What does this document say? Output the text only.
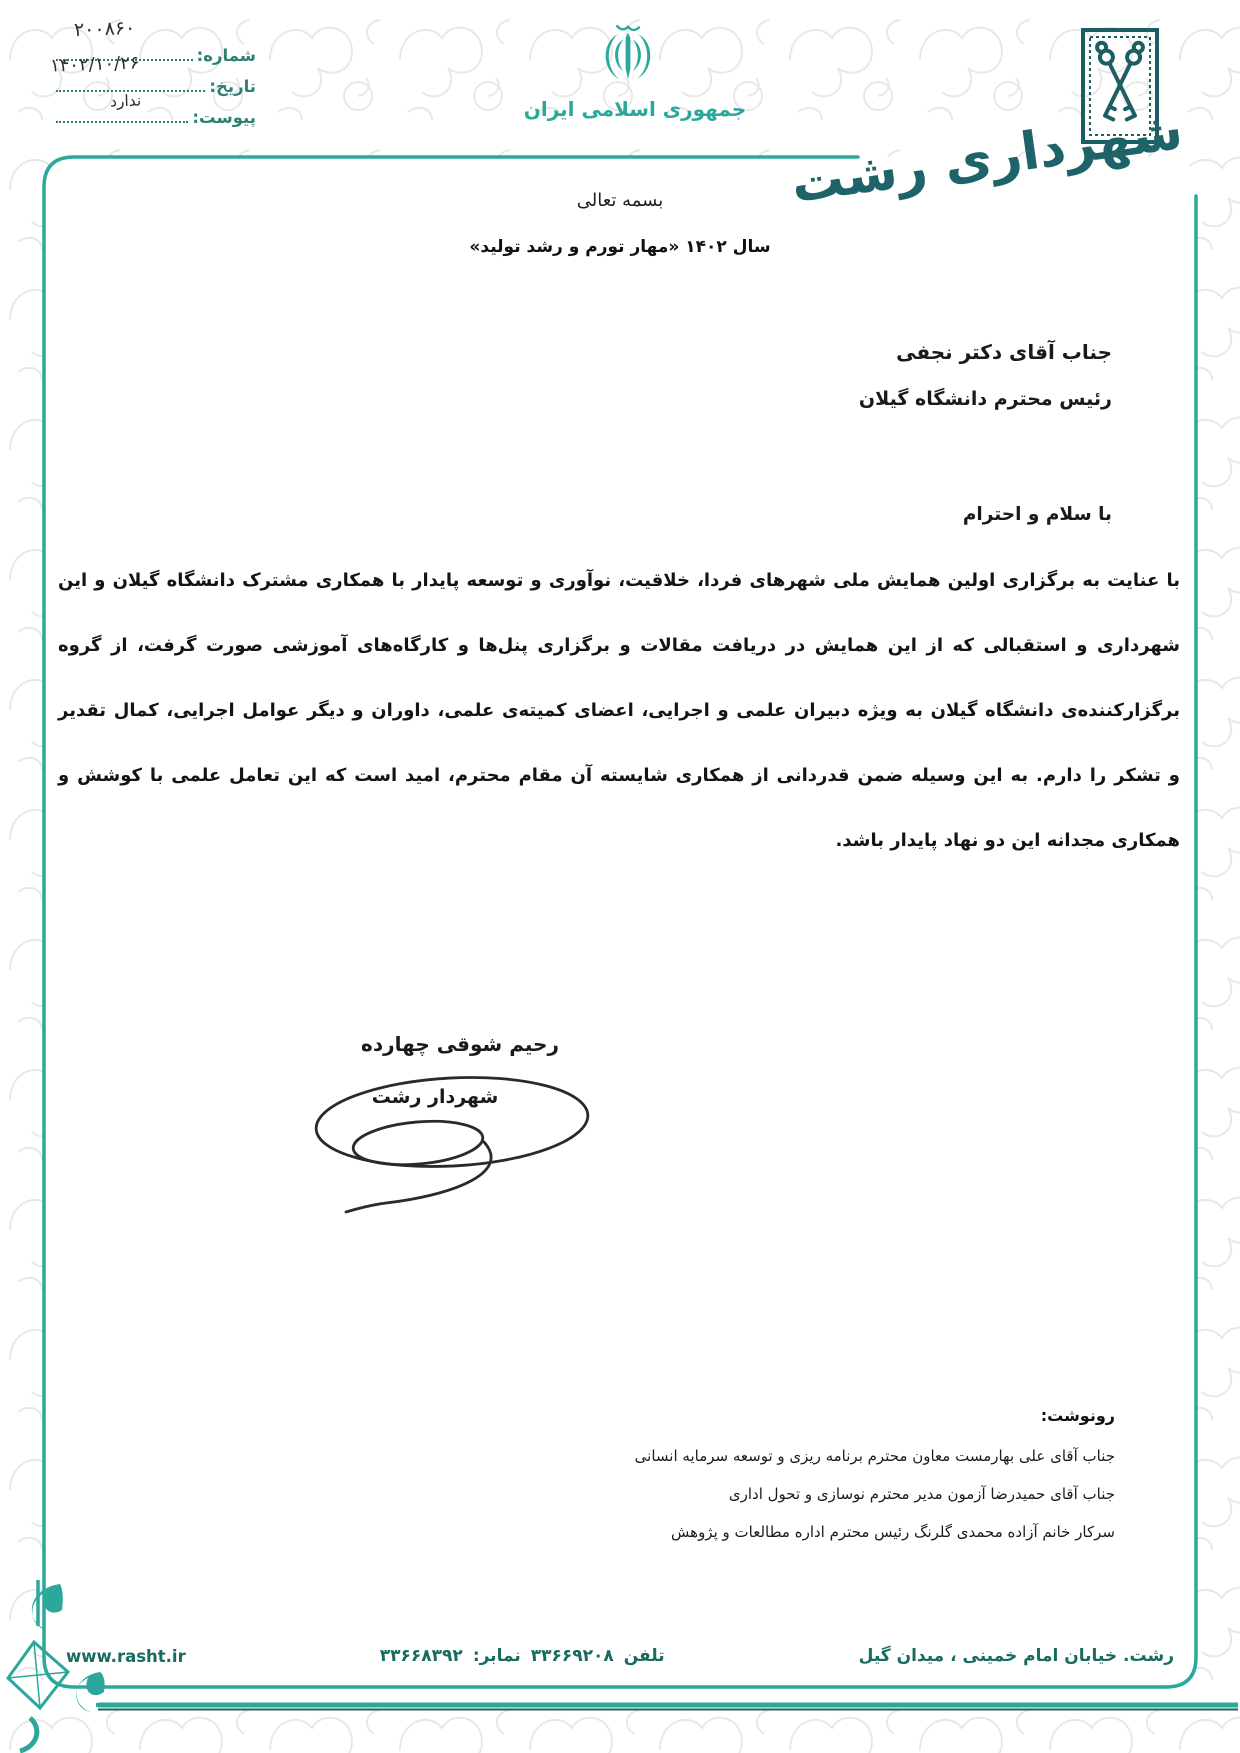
شماره:
تاریخ:
پیوست:
۲۰۰۸۶۰
۱۴۰۲/۱۰/۲۶
ندارد	جمهوری اسلامی ایران شهرداری رشت
بسمه تعالی
سال ۱۴۰۲ «مهار تورم و رشد تولید»
جناب آقای دکتر نجفی
رئیس محترم دانشگاه گیلان
با سلام و احترام
با عنایت به برگزاری اولین همایش ملی شهرهای فردا، خلاقیت، نوآوری و توسعه پایدار با همکاری مشترک دانشگاه گیلان و این
شهرداری و استقبالی که از این همایش در دریافت مقالات و برگزاری پنل‌ها و کارگاه‌های آموزشی صورت گرفت، از گروه
برگزارکننده‌ی دانشگاه گیلان به ویژه دبیران علمی و اجرایی، اعضای کمیته‌ی علمی، داوران و دیگر عوامل اجرایی، کمال تقدیر
و تشکر را دارم. به این وسیله ضمن قدردانی از همکاری شایسته آن مقام محترم، امید است که این تعامل علمی با کوشش و
همکاری مجدانه این دو نهاد پایدار باشد.
رحیم شوقی چهارده
شهردار رشت
رونوشت:
جناب آقای علی بهارمست معاون محترم برنامه ریزی و توسعه سرمایه انسانی
جناب آقای حمیدرضا آزمون مدیر محترم نوسازی و تحول اداری
سرکار خانم آزاده محمدی گلرنگ رئیس محترم اداره مطالعات و پژوهش
رشت. خیابان امام خمینی ، میدان گیل
تلفن
۳۳۶۶۹۲۰۸
نمابر:
۳۳۶۶۸۳۹۲
www.rasht.ir
